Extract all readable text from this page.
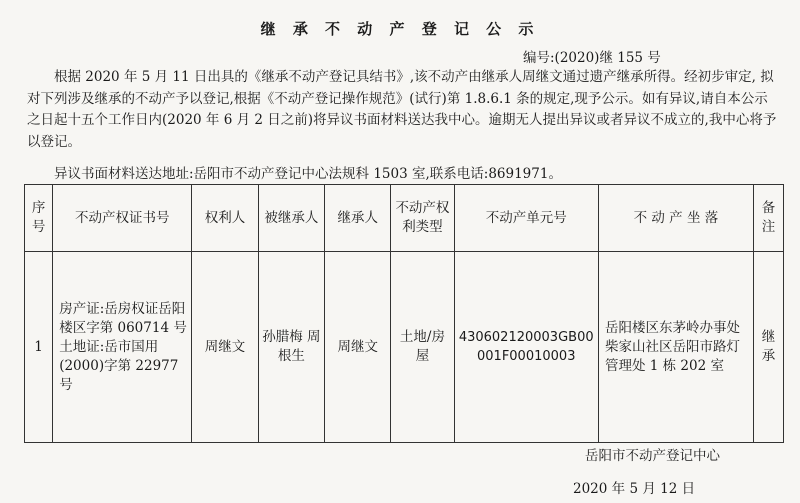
继 承 不 动 产 登 记 公 示
编号:(2020)继 155 号

根据 2020 年 5 月 11 日出具的《继承不动产登记具结书》,该不动产由继承人周继文通过遗产继承所得。经初步审定, 拟对下列涉及继承的不动产予以登记,根据《不动产登记操作规范》(试行)第 1.8.6.1 条的规定,现予公示。如有异议,请自本公示之日起十五个工作日内(2020 年 6 月 2 日之前)将异议书面材料送达我中心。逾期无人提出异议或者异议不成立的,我中心将予以登记。

异议书面材料送达地址:岳阳市不动产登记中心法规科 1503 室,联系电话:8691971。
序号	不动产权证书号	权利人	被继承人	继承人	不动产权利类型	不动产单元号	不 动 产 坐 落	备注
1	房产证:岳房权证岳阳楼区字第 060714 号 土地证:岳市国用(2000)字第 22977 号	周继文	孙腊梅 周根生	周继文	土地/房屋	430602120003GB00001F00010003	岳阳楼区东茅岭办事处柴家山社区岳阳市路灯管理处 1 栋 202 室	继承
岳阳市不动产登记中心
2020 年 5 月 12 日
